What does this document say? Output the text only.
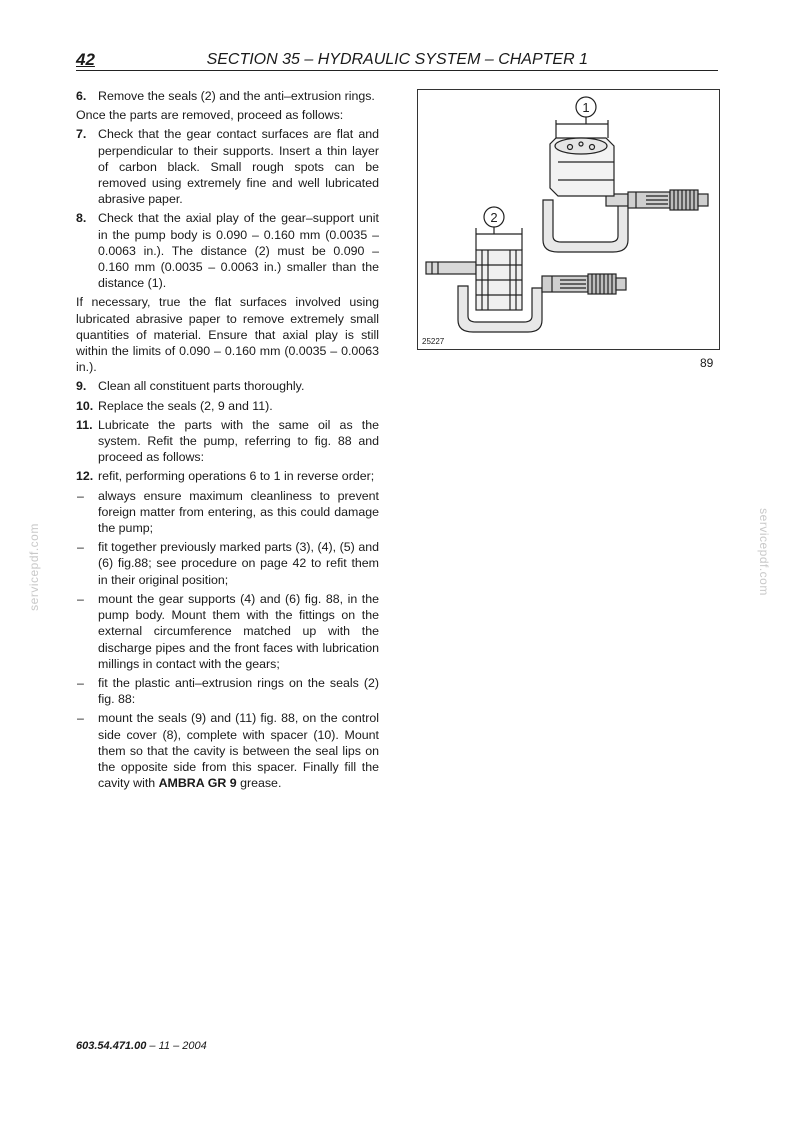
42	SECTION 35 – HYDRAULIC SYSTEM – CHAPTER 1
6. Remove the seals (2) and the anti–extrusion rings.
Once the parts are removed, proceed as follows:
7. Check that the gear contact surfaces are flat and perpendicular to their supports. Insert a thin layer of carbon black. Small rough spots can be removed using extremely fine and well lubricated abrasive paper.
8. Check that the axial play of the gear–support unit in the pump body is 0.090 – 0.160 mm (0.0035 – 0.0063 in.). The distance (2) must be 0.090 – 0.160 mm (0.0035 – 0.0063 in.) smaller than the distance (1).
If necessary, true the flat surfaces involved using lubricated abrasive paper to remove extremely small quantities of material. Ensure that axial play is still within the limits of 0.090 – 0.160 mm (0.0035 – 0.0063 in.).
9. Clean all constituent parts thoroughly.
10. Replace the seals (2, 9 and 11).
11. Lubricate the parts with the same oil as the system. Refit the pump, referring to fig. 88 and proceed as follows:
12. refit, performing operations 6 to 1 in reverse order;
– always ensure maximum cleanliness to prevent foreign matter from entering, as this could damage the pump;
– fit together previously marked parts (3), (4), (5) and (6) fig.88; see procedure on page 42 to refit them in their original position;
– mount the gear supports (4) and (6) fig. 88, in the pump body. Mount them with the fittings on the external circumference matched up with the discharge pipes and the front faces with lubrication millings in contact with the gears;
– fit the plastic anti–extrusion rings on the seals (2) fig. 88:
– mount the seals (9) and (11) fig. 88, on the control side cover (8), complete with spacer (10). Mount them so that the cavity is between the seal lips on the opposite side from this spacer. Finally fill the cavity with AMBRA GR 9 grease.
1
2
25227
89
603.54.471.00 – 11 – 2004
servicepdf.com	servicepdf.com
